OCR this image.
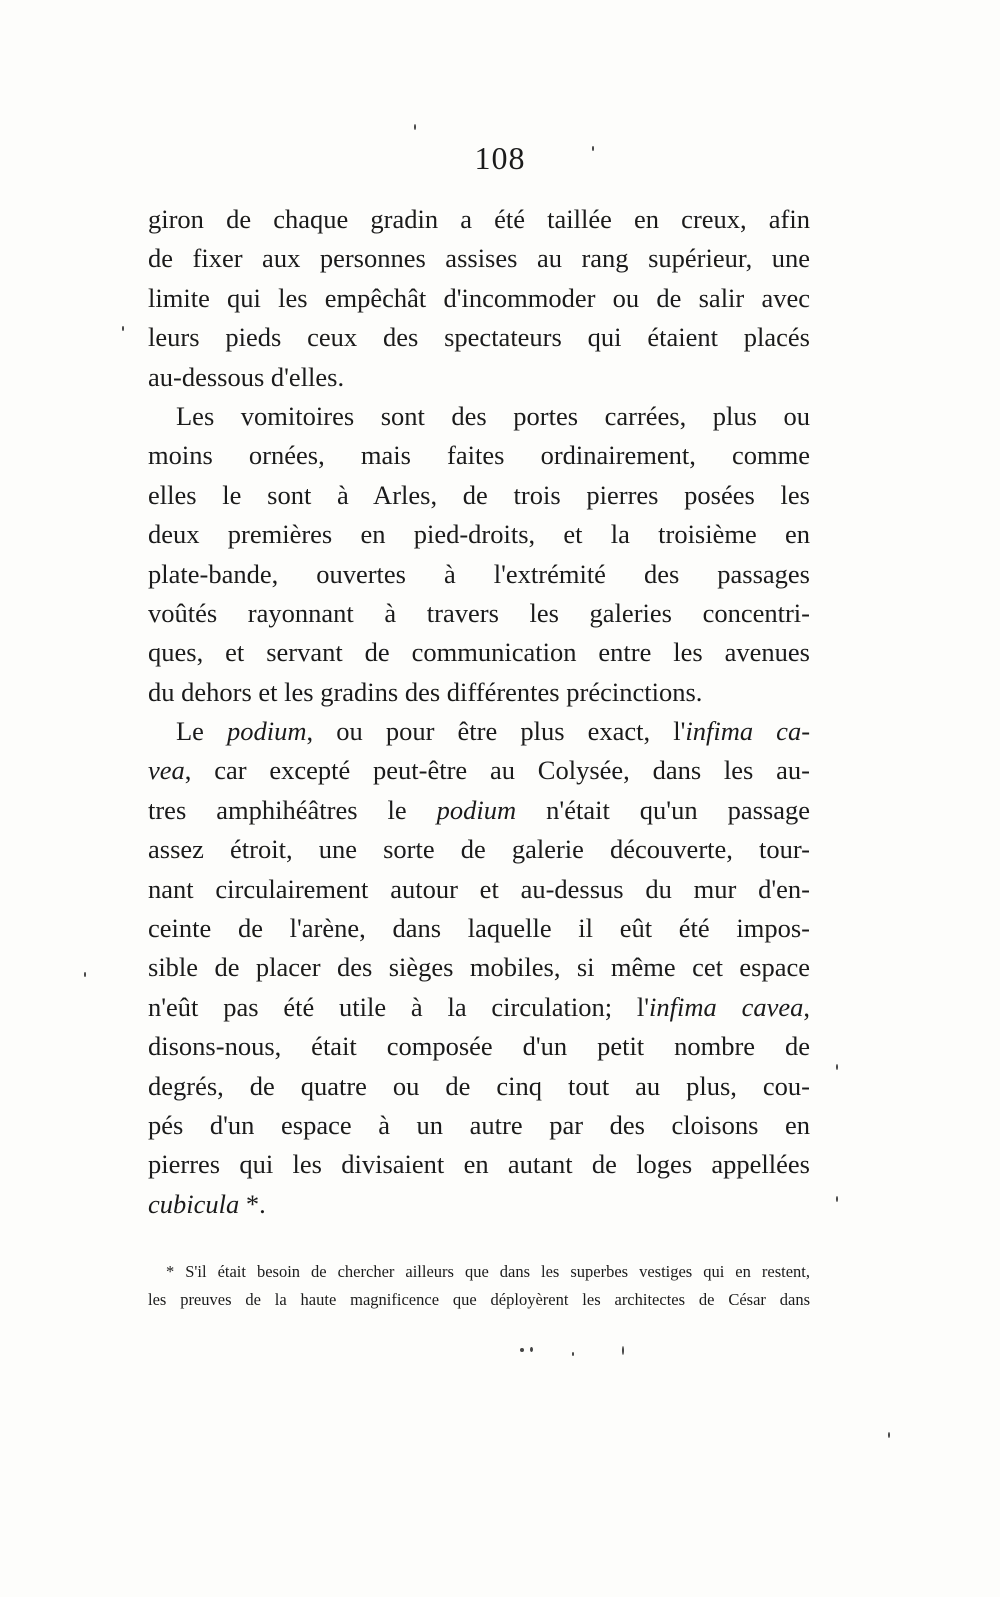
108
giron de chaque gradin a été taillée en creux, afin
de fixer aux personnes assises au rang supérieur, une
limite qui les empêchât d'incommoder ou de salir avec
leurs pieds ceux des spectateurs qui étaient placés
au-dessous d'elles.
Les vomitoires sont des portes carrées, plus ou
moins ornées, mais faites ordinairement, comme
elles le sont à Arles, de trois pierres posées les
deux premières en pied-droits, et la troisième en
plate-bande, ouvertes à l'extrémité des passages
voûtés rayonnant à travers les galeries concentri-
ques, et servant de communication entre les avenues
du dehors et les gradins des différentes précinctions.
Le podium, ou pour être plus exact, l'infima ca-
vea, car excepté peut-être au Colysée, dans les au-
tres amphihéâtres le podium n'était qu'un passage
assez étroit, une sorte de galerie découverte, tour-
nant circulairement autour et au-dessus du mur d'en-
ceinte de l'arène, dans laquelle il eût été impos-
sible de placer des sièges mobiles, si même cet espace
n'eût pas été utile à la circulation; l'infima cavea,
disons-nous, était composée d'un petit nombre de
degrés, de quatre ou de cinq tout au plus, cou-
pés d'un espace à un autre par des cloisons en
pierres qui les divisaient en autant de loges appellées
cubicula *.
* S'il était besoin de chercher ailleurs que dans les superbes vestiges qui en restent,
les preuves de la haute magnificence que déployèrent les architectes de César dans
